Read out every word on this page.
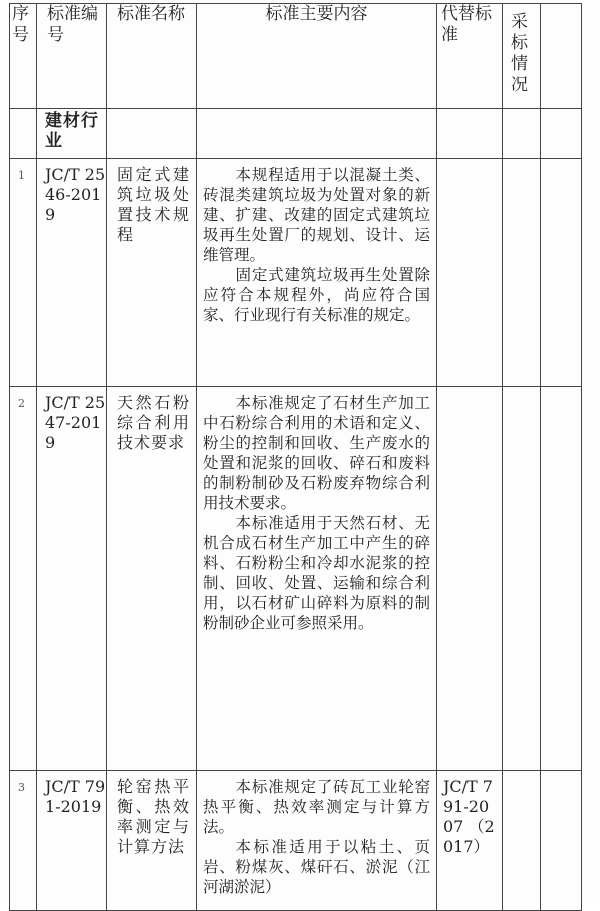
序号	标准编号	标准名称	标准主要内容	代替标准	采标情况	
	建材行业					
1	JC/T 2546-2019	固定式建筑垃圾处置技术规程	本规程适用于以混凝土类、砖混类建筑垃圾为处置对象的新建、扩建、改建的固定式建筑垃圾再生处置厂的规划、设计、运维管理。

固定式建筑垃圾再生处置除应符合本规程外，尚应符合国家、行业现行有关标准的规定。			

2	JC/T 2547-2019	天然石粉综合利用技术要求	本标准规定了石材生产加工中石粉综合利用的术语和定义、粉尘的控制和回收、生产废水的处置和泥浆的回收、碎石和废料的制粉制砂及石粉废弃物综合利用技术要求。

本标准适用于天然石材、无机合成石材生产加工中产生的碎料、石粉粉尘和冷却水泥浆的控制、回收、处置、运输和综合利用，以石材矿山碎料为原料的制粉制砂企业可参照采用。			

3	JC/T 791-2019	轮窑热平衡、热效率测定与计算方法	本标准规定了砖瓦工业轮窑热平衡、热效率测定与计算方法。

本标准适用于以粘土、页岩、粉煤灰、煤矸石、淤泥（江河湖淤泥）	JC/T 791-2007 （2017）		
